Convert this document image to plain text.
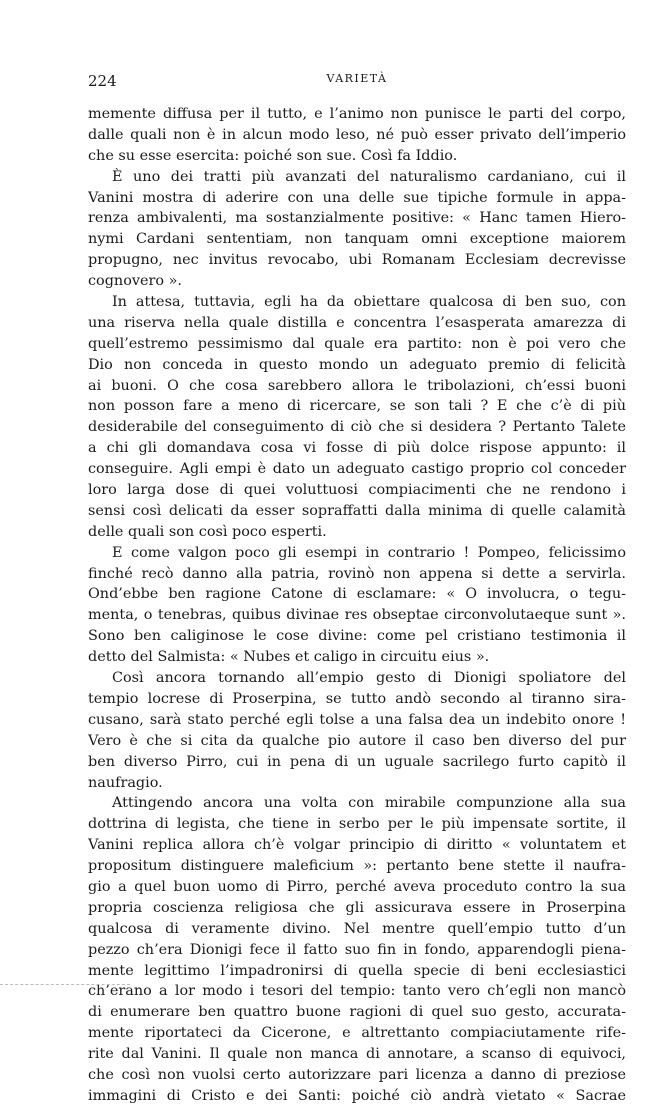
224	VARIETÀ
memente diffusa per il tutto, e l’animo non punisce le parti del corpo,
dalle quali non è in alcun modo leso, né può esser privato dell’imperio
che su esse esercita: poiché son sue. Così fa Iddio.
È uno dei tratti più avanzati del naturalismo cardaniano, cui il
Vanini mostra di aderire con una delle sue tipiche formule in appa-
renza ambivalenti, ma sostanzialmente positive: « Hanc tamen Hiero-
nymi Cardani sententiam, non tanquam omni exceptione maiorem
propugno, nec invitus revocabo, ubi Romanam Ecclesiam decrevisse
cognovero ».
In attesa, tuttavia, egli ha da obiettare qualcosa di ben suo, con
una riserva nella quale distilla e concentra l’esasperata amarezza di
quell’estremo pessimismo dal quale era partito: non è poi vero che
Dio non conceda in questo mondo un adeguato premio di felicità
ai buoni. O che cosa sarebbero allora le tribolazioni, ch’essi buoni
non posson fare a meno di ricercare, se son tali ? E che c’è di più
desiderabile del conseguimento di ciò che si desidera ? Pertanto Talete
a chi gli domandava cosa vi fosse di più dolce rispose appunto: il
conseguire. Agli empi è dato un adeguato castigo proprio col conceder
loro larga dose di quei voluttuosi compiacimenti che ne rendono i
sensi così delicati da esser sopraffatti dalla minima di quelle calamità
delle quali son così poco esperti.
E come valgon poco gli esempi in contrario ! Pompeo, felicissimo
finché recò danno alla patria, rovinò non appena si dette a servirla.
Ond’ebbe ben ragione Catone di esclamare: « O involucra, o tegu-
menta, o tenebras, quibus divinae res obseptae circonvolutaeque sunt ».
Sono ben caliginose le cose divine: come pel cristiano testimonia il
detto del Salmista: « Nubes et caligo in circuitu eius ».
Così ancora tornando all’empio gesto di Dionigi spoliatore del
tempio locrese di Proserpina, se tutto andò secondo al tiranno sira-
cusano, sarà stato perché egli tolse a una falsa dea un indebito onore !
Vero è che si cita da qualche pio autore il caso ben diverso del pur
ben diverso Pirro, cui in pena di un uguale sacrilego furto capitò il
naufragio.
Attingendo ancora una volta con mirabile compunzione alla sua
dottrina di legista, che tiene in serbo per le più impensate sortite, il
Vanini replica allora ch’è volgar principio di diritto « voluntatem et
propositum distinguere maleficium »: pertanto bene stette il naufra-
gio a quel buon uomo di Pirro, perché aveva proceduto contro la sua
propria coscienza religiosa che gli assicurava essere in Proserpina
qualcosa di veramente divino. Nel mentre quell’empio tutto d’un
pezzo ch’era Dionigi fece il fatto suo fin in fondo, apparendogli piena-
mente legittimo l’impadronirsi di quella specie di beni ecclesiastici
ch’erano a lor modo i tesori del tempio: tanto vero ch’egli non mancò
di enumerare ben quattro buone ragioni di quel suo gesto, accurata-
mente riportateci da Cicerone, e altrettanto compiaciutamente rife-
rite dal Vanini. Il quale non manca di annotare, a scanso di equivoci,
che così non vuolsi certo autorizzare pari licenza a danno di preziose
immagini di Cristo e dei Santi: poiché ciò andrà vietato « Sacrae
